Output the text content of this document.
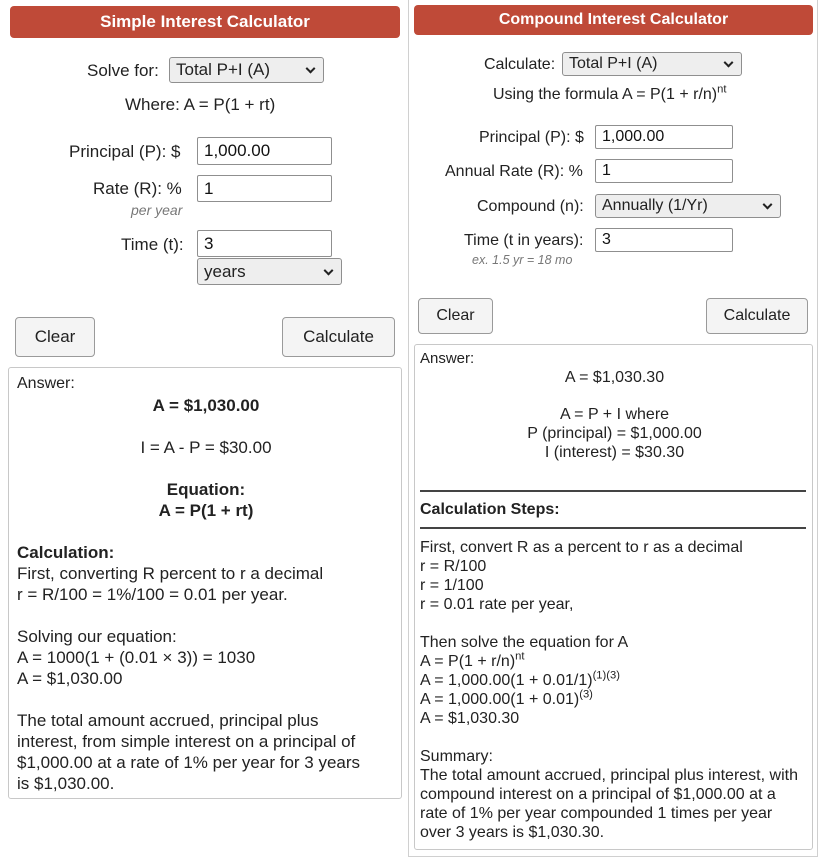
Simple Interest Calculator
Solve for:	Total P+I (A)
Where: A = P(1 + rt)
Principal (P): $
1,000.00
Rate (R): %
1
per year
Time (t):
3
years
Clear	Calculate
Answer:
A = $1,030.00
I = A - P = $30.00
Equation:
A = P(1 + rt)
Calculation:
First, converting R percent to r a decimal
r = R/100 = 1%/100 = 0.01 per year.
Solving our equation:
A = 1000(1 + (0.01 × 3)) = 1030
A = $1,030.00
The total amount accrued, principal plus
interest, from simple interest on a principal of
$1,000.00 at a rate of 1% per year for 3 years
is $1,030.00.
Compound Interest Calculator
Calculate: Total P+I (A)
Using the formula $A = P(1 + r/n)^{nt}$
Principal (P): $
1,000.00
Annual Rate (R): %
1
Compound (n):	Annually (1/Yr)
Time (t in years):
3
ex. 1.5 yr = 18 mo
Clear	Calculate
Answer:
A = $1,030.30
A = P + I where
P (principal) = $1,000.00
I (interest) = $30.30
Calculation Steps:
First, convert R as a percent to r as a decimal
r = R/100
r = 1/100
r = 0.01 rate per year,
Then solve the equation for A
$A = P(1 + r/n)^{nt}$
$A = 1,000.00(1 + 0.01/1)^{(1)(3)}$
$A = 1,000.00(1 + 0.01)^{(3)}$
A = $1,030.30
Summary:
The total amount accrued, principal plus interest, with
compound interest on a principal of $1,000.00 at a
rate of 1% per year compounded 1 times per year
over 3 years is $1,030.30.
